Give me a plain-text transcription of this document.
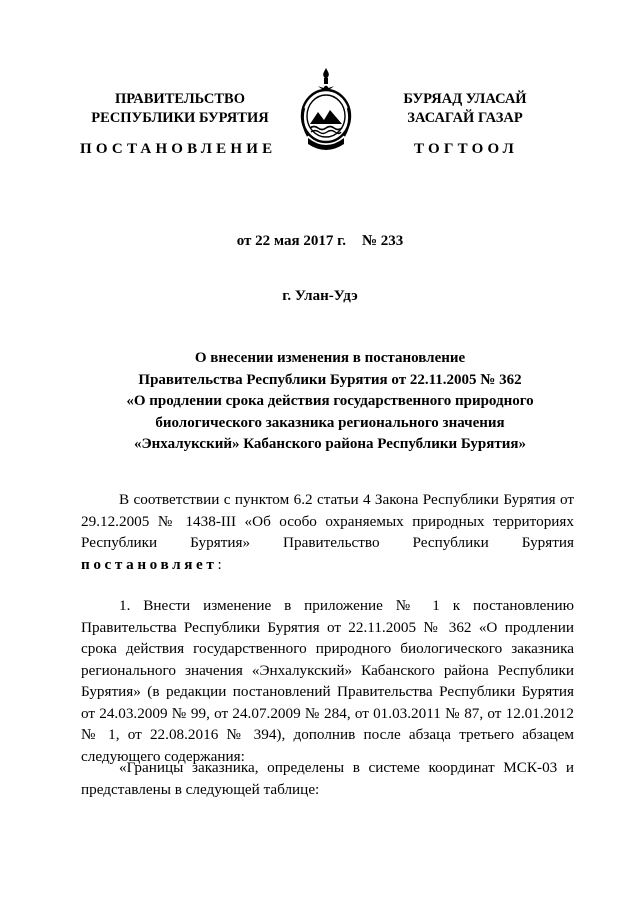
ПРАВИТЕЛЬСТВО
РЕСПУБЛИКИ БУРЯТИЯ
ПОСТАНОВЛЕНИЕ
БУРЯАД УЛАСАЙ
ЗАСАГАЙ ГАЗАР
ТОГТООЛ
от 22 мая 2017 г. № 233
г. Улан-Удэ
О внесении изменения в постановление
Правительства Республики Бурятия от 22.11.2005 № 362
«О продлении срока действия государственного природного
биологического заказника регионального значения
«Энхалукский» Кабанского района Республики Бурятия»

В соответствии с пунктом 6.2 статьи 4 Закона Республики Бурятия от 29.12.2005 № 1438-III «Об особо охраняемых природных территориях Республики Бурятия» Правительство Республики Бурятия постановляет:

1. Внести изменение в приложение № 1 к постановлению Правительства Республики Бурятия от 22.11.2005 № 362 «О продлении срока действия государственного природного биологического заказника регионального значения «Энхалукский» Кабанского района Республики Бурятия» (в редакции постановлений Правительства Республики Бурятия от 24.03.2009 № 99, от 24.07.2009 № 284, от 01.03.2011 № 87, от 12.01.2012 № 1, от 22.08.2016 № 394), дополнив после абзаца третьего абзацем следующего содержания:

«Границы заказника, определены в системе координат МСК-03 и представлены в следующей таблице:
